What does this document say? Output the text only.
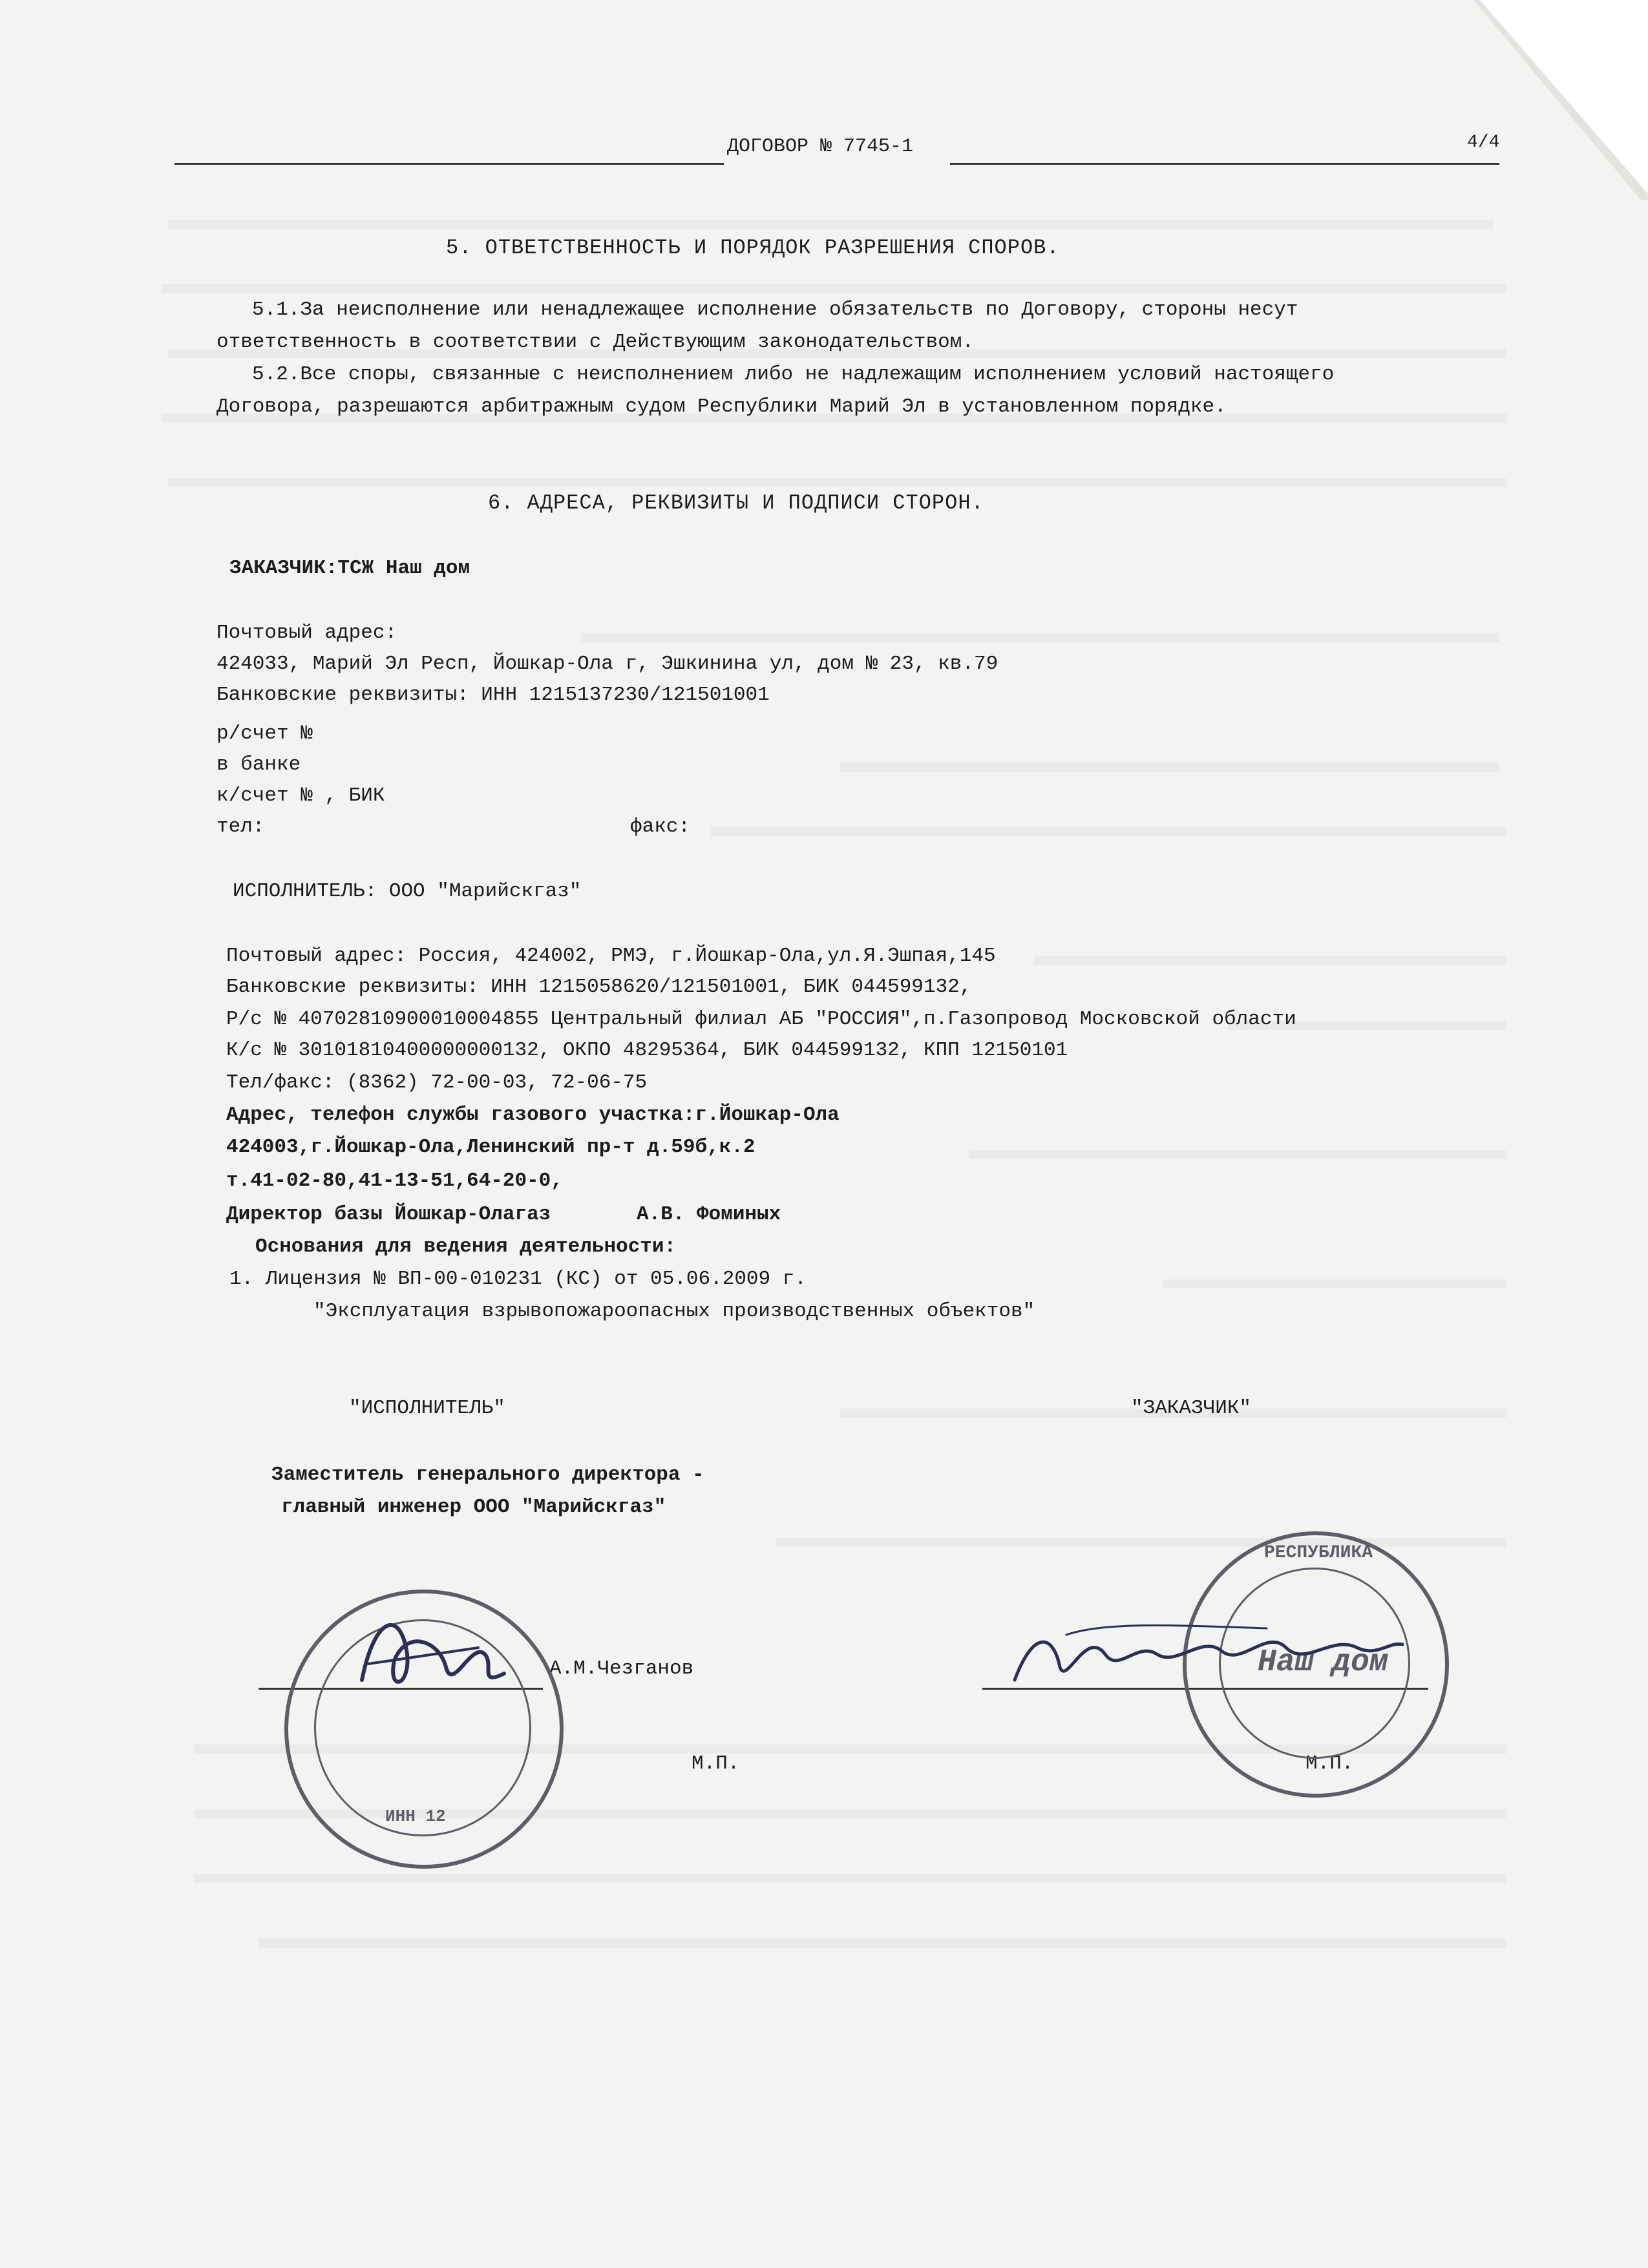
ДОГОВОР № 7745-1	4/4
5. ОТВЕТСТВЕННОСТЬ И ПОРЯДОК РАЗРЕШЕНИЯ СПОРОВ.
5.1.За неисполнение или ненадлежащее исполнение обязательств по Договору, стороны несут
ответственность в соответствии с Действующим законодательством.
5.2.Все споры, связанные с неисполнением либо не надлежащим исполнением условий настоящего
Договора, разрешаются арбитражным судом Республики Марий Эл в установленном порядке.
6. АДРЕСА, РЕКВИЗИТЫ И ПОДПИСИ СТОРОН.
ЗАКАЗЧИК:ТСЖ Наш дом
Почтовый адрес:
424033, Марий Эл Респ, Йошкар-Ола г, Эшкинина ул, дом № 23, кв.79
Банковские реквизиты: ИНН 1215137230/121501001
р/счет №
в банке
к/счет № , БИК
тел:	факс:
ИСПОЛНИТЕЛЬ: ООО "Марийскгаз"
Почтовый адрес: Россия, 424002, РМЭ, г.Йошкар-Ола,ул.Я.Эшпая,145
Банковские реквизиты: ИНН 1215058620/121501001, БИК 044599132,
Р/с № 40702810900010004855 Центральный филиал АБ "РОССИЯ",п.Газопровод Московской области
К/с № 30101810400000000132, ОКПО 48295364, БИК 044599132, КПП 12150101
Тел/факс: (8362) 72-00-03, 72-06-75
Адрес, телефон службы газового участка:г.Йошкар-Ола
424003,г.Йошкар-Ола,Ленинский пр-т д.59б,к.2
т.41-02-80,41-13-51,64-20-0,
Директор базы Йошкар-Олагаз	А.В. Фоминых
Основания для ведения деятельности:
1. Лицензия № ВП-00-010231 (КС) от 05.06.2009 г.
"Эксплуатация взрывопожароопасных производственных объектов"
"ИСПОЛНИТЕЛЬ"	"ЗАКАЗЧИК"
Заместитель генерального директора -
главный инженер ООО "Марийскгаз"
А.М.Чезганов
М.П.	М.П.
ИНН 12
РЕСПУБЛИКА
Наш дом
